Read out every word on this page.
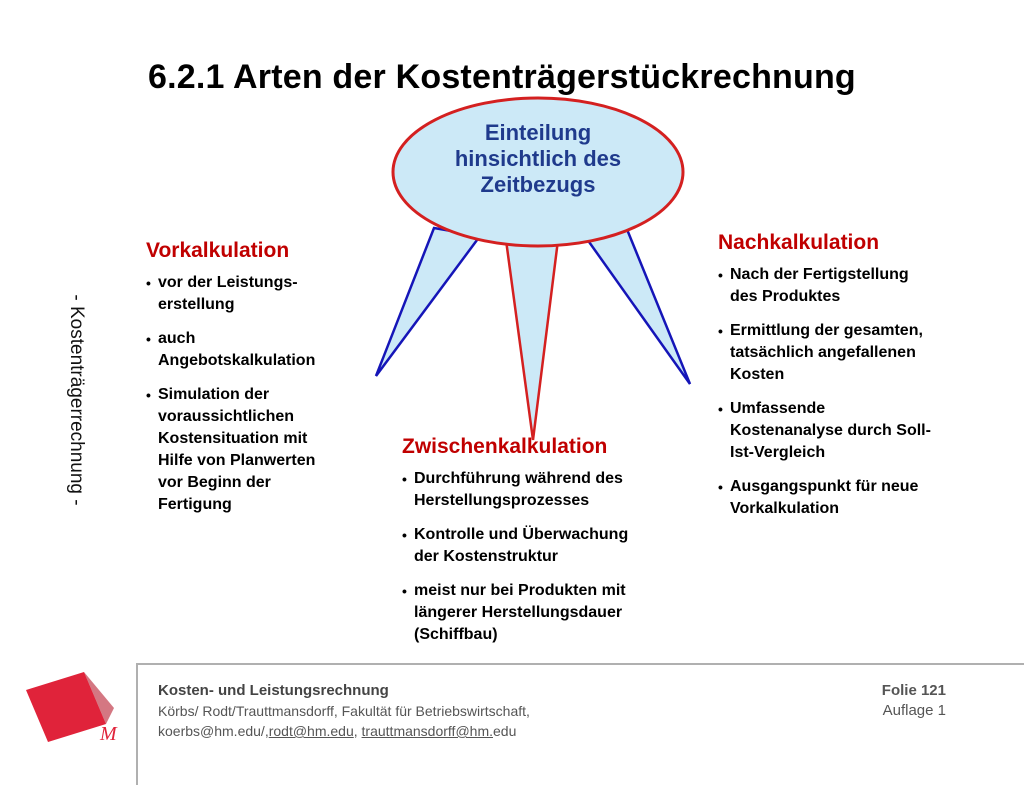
6.2.1 Arten der Kostenträgerstückrechnung
- Kostenträgerrechnung -
Einteilung
hinsichtlich des
Zeitbezugs
Vorkalkulation
• vor der Leistungs-
erstellung
• auch
Angebotskalkulation
• Simulation der
voraussichtlichen
Kostensituation mit
Hilfe von Planwerten
vor Beginn der
Fertigung
Nachkalkulation
• Nach der Fertigstellung
des Produktes
• Ermittlung der gesamten,
tatsächlich angefallenen
Kosten
• Umfassende
Kostenanalyse durch Soll-
Ist-Vergleich
• Ausgangspunkt für neue
Vorkalkulation
Zwischenkalkulation
• Durchführung während des
Herstellungsprozesses
• Kontrolle und Überwachung
der Kostenstruktur
• meist nur bei Produkten mit
längerer Herstellungsdauer
(Schiffbau)
M
Kosten- und Leistungsrechnung
Körbs/ Rodt/Trauttmansdorff, Fakultät für Betriebswirtschaft,
koerbs@hm.edu/,rodt@hm.edu, trauttmansdorff@hm.edu
Folie 121
Auflage 1
